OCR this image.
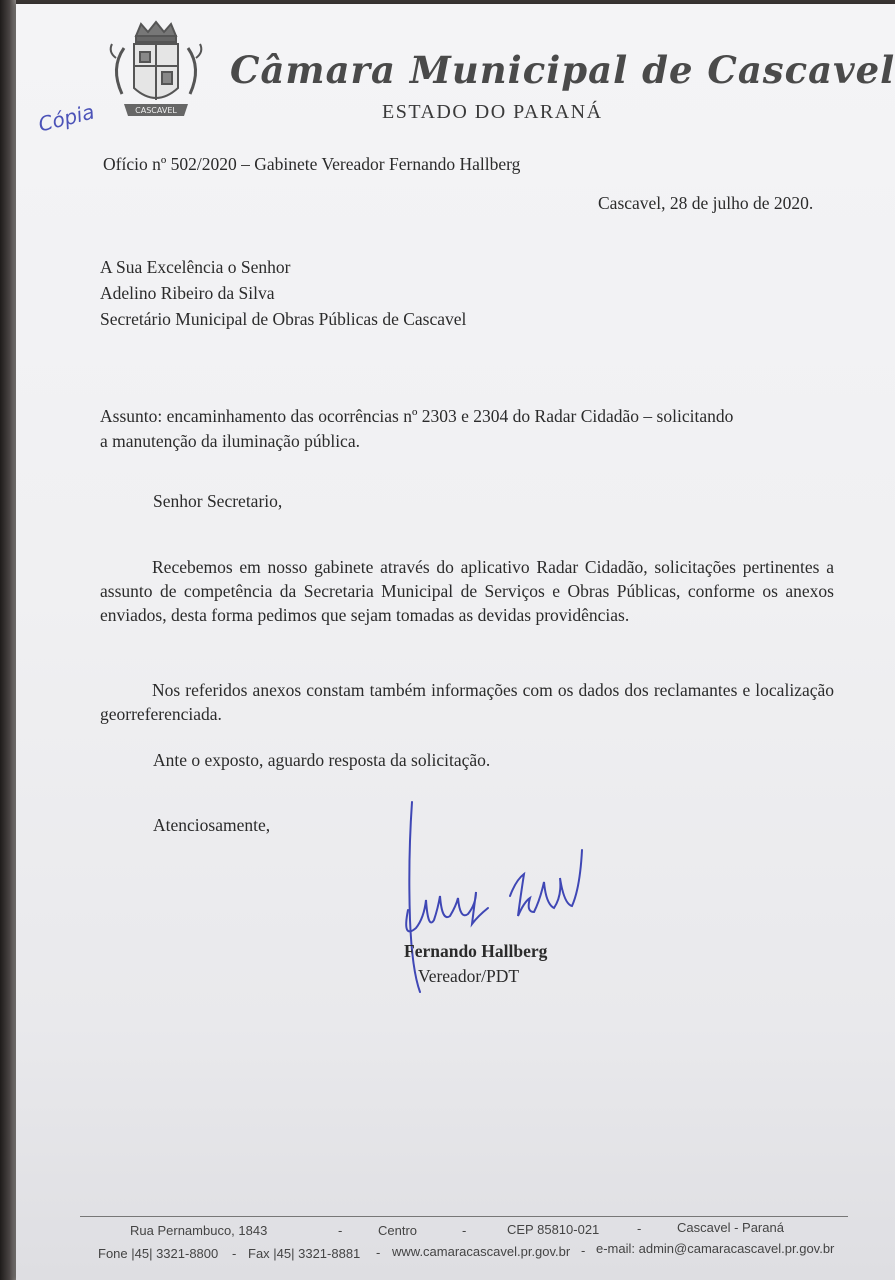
CASCAVEL
Câmara Municipal de Cascavel
ESTADO DO PARANÁ
Cópia
Ofício nº 502/2020 – Gabinete Vereador Fernando Hallberg
Cascavel, 28 de julho de 2020.
A Sua Excelência o Senhor
Adelino Ribeiro da Silva
Secretário Municipal de Obras Públicas de Cascavel
Assunto: encaminhamento das ocorrências nº 2303 e 2304 do Radar Cidadão – solicitando
a manutenção da iluminação pública.
Senhor Secretario,
Recebemos em nosso gabinete através do aplicativo Radar Cidadão, solicitações pertinentes a assunto de competência da Secretaria Municipal de Serviços e Obras Públicas, conforme os anexos enviados, desta forma pedimos que sejam tomadas as devidas providências.
Nos referidos anexos constam também informações com os dados dos reclamantes e localização georreferenciada.
Ante o exposto, aguardo resposta da solicitação.
Atenciosamente,
Fernando Hallberg
Vereador/PDT
Rua Pernambuco, 1843	-	Centro	-	CEP 85810-021	-	Cascavel - Paraná
Fone |45| 3321-8800 - Fax |45| 3321-8881 - www.camaracascavel.pr.gov.br - e-mail: admin@camaracascavel.pr.gov.br
